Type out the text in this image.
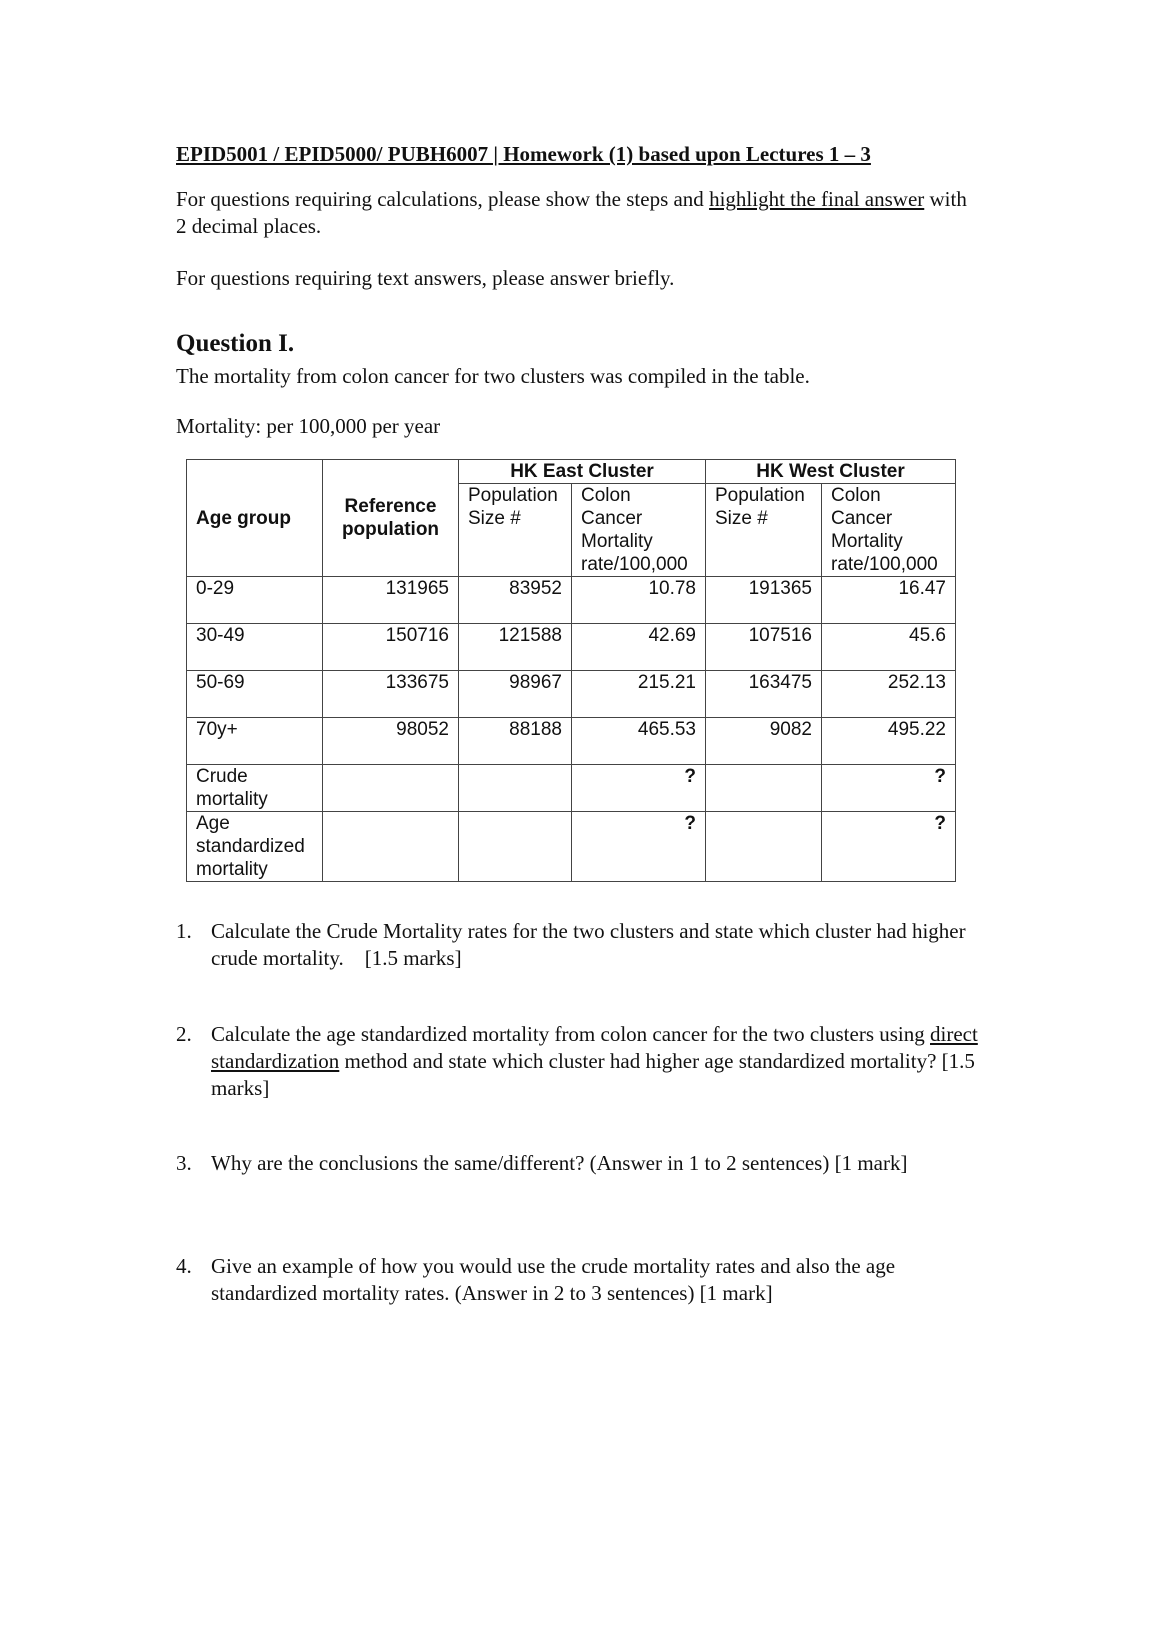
EPID5001 / EPID5000/ PUBH6007 | Homework (1) based upon Lectures 1 – 3
For questions requiring calculations, please show the steps and highlight the final answer with 2 decimal places.
For questions requiring text answers, please answer briefly.
Question I.
The mortality from colon cancer for two clusters was compiled in the table.
Mortality: per 100,000 per year
Age group	Reference population	HK East Cluster		HK West Cluster	
		Population Size #	Colon Cancer Mortality rate/100,000	Population Size #	Colon Cancer Mortality rate/100,000
0-29	131965	83952	10.78	191365	16.47
30-49	150716	121588	42.69	107516	45.6
50-69	133675	98967	215.21	163475	252.13
70y+	98052	88188	465.53	9082	495.22
Crude mortality			?		?
Age standardized mortality			?		?
1. Calculate the Crude Mortality rates for the two clusters and state which cluster had higher crude mortality.    [1.5 marks]
2. Calculate the age standardized mortality from colon cancer for the two clusters using direct standardization method and state which cluster had higher age standardized mortality? [1.5 marks]
3. Why are the conclusions the same/different? (Answer in 1 to 2 sentences) [1 mark]
4. Give an example of how you would use the crude mortality rates and also the age standardized mortality rates. (Answer in 2 to 3 sentences) [1 mark]
